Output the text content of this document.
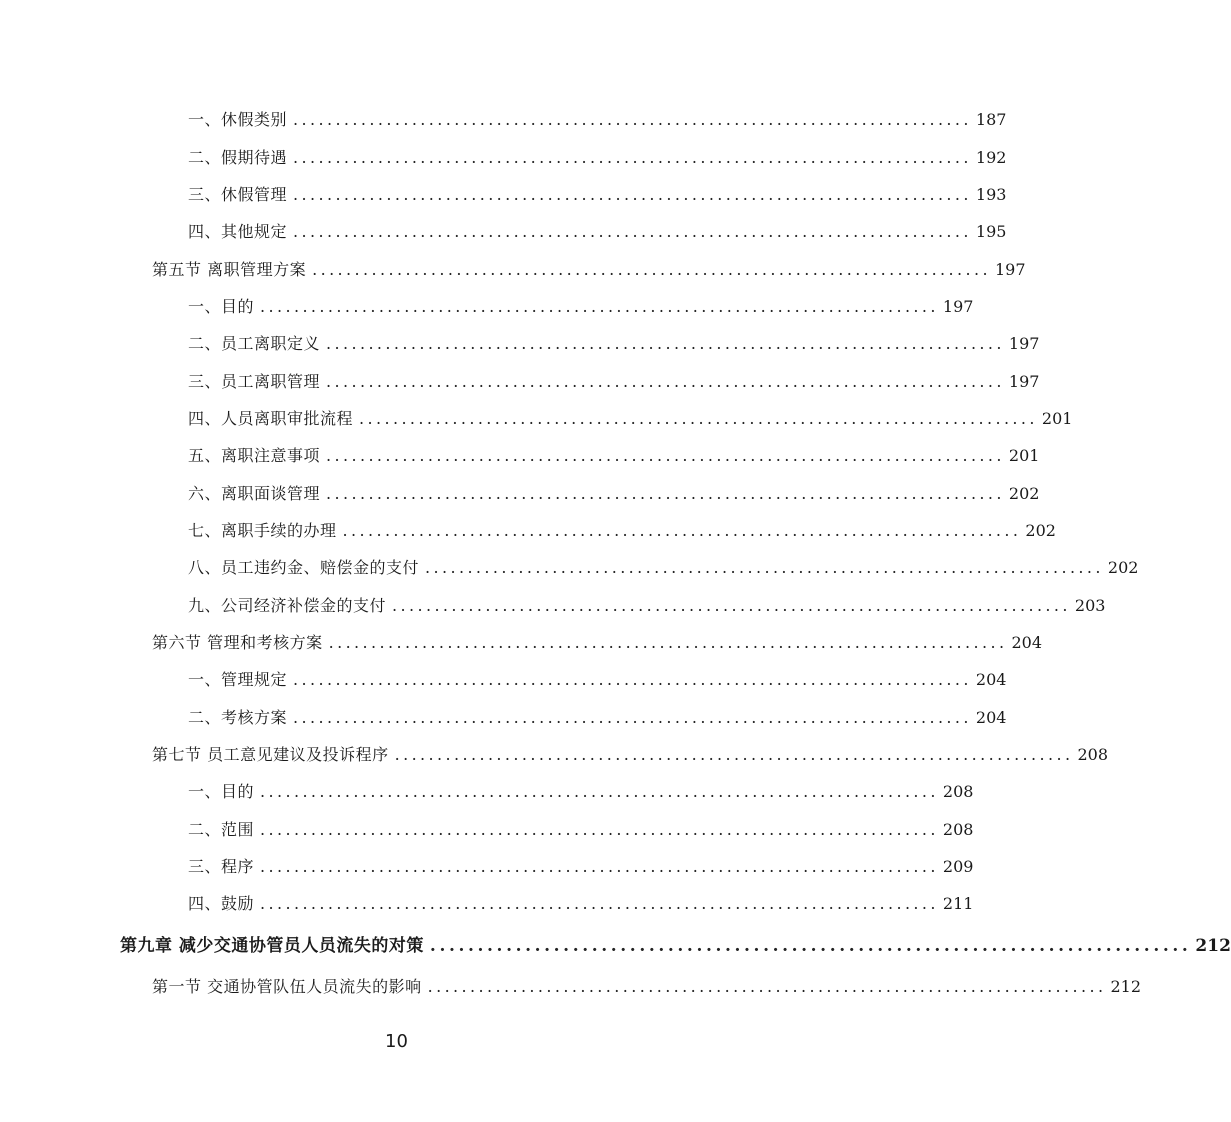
一、休假类别 ................................................................................ 187
二、假期待遇 ................................................................................ 192
三、休假管理 ................................................................................ 193
四、其他规定 ................................................................................ 195
第五节 离职管理方案 ................................................................................ 197
一、目的 ................................................................................ 197
二、员工离职定义 ................................................................................ 197
三、员工离职管理 ................................................................................ 197
四、人员离职审批流程 ................................................................................ 201
五、离职注意事项 ................................................................................ 201
六、离职面谈管理 ................................................................................ 202
七、离职手续的办理 ................................................................................ 202
八、员工违约金、赔偿金的支付 ................................................................................ 202
九、公司经济补偿金的支付 ................................................................................ 203
第六节 管理和考核方案 ................................................................................ 204
一、管理规定 ................................................................................ 204
二、考核方案 ................................................................................ 204
第七节 员工意见建议及投诉程序 ................................................................................ 208
一、目的 ................................................................................ 208
二、范围 ................................................................................ 208
三、程序 ................................................................................ 209
四、鼓励 ................................................................................ 211
第九章 减少交通协管员人员流失的对策 ................................................................................ 212
第一节 交通协管队伍人员流失的影响 ................................................................................ 212
10
